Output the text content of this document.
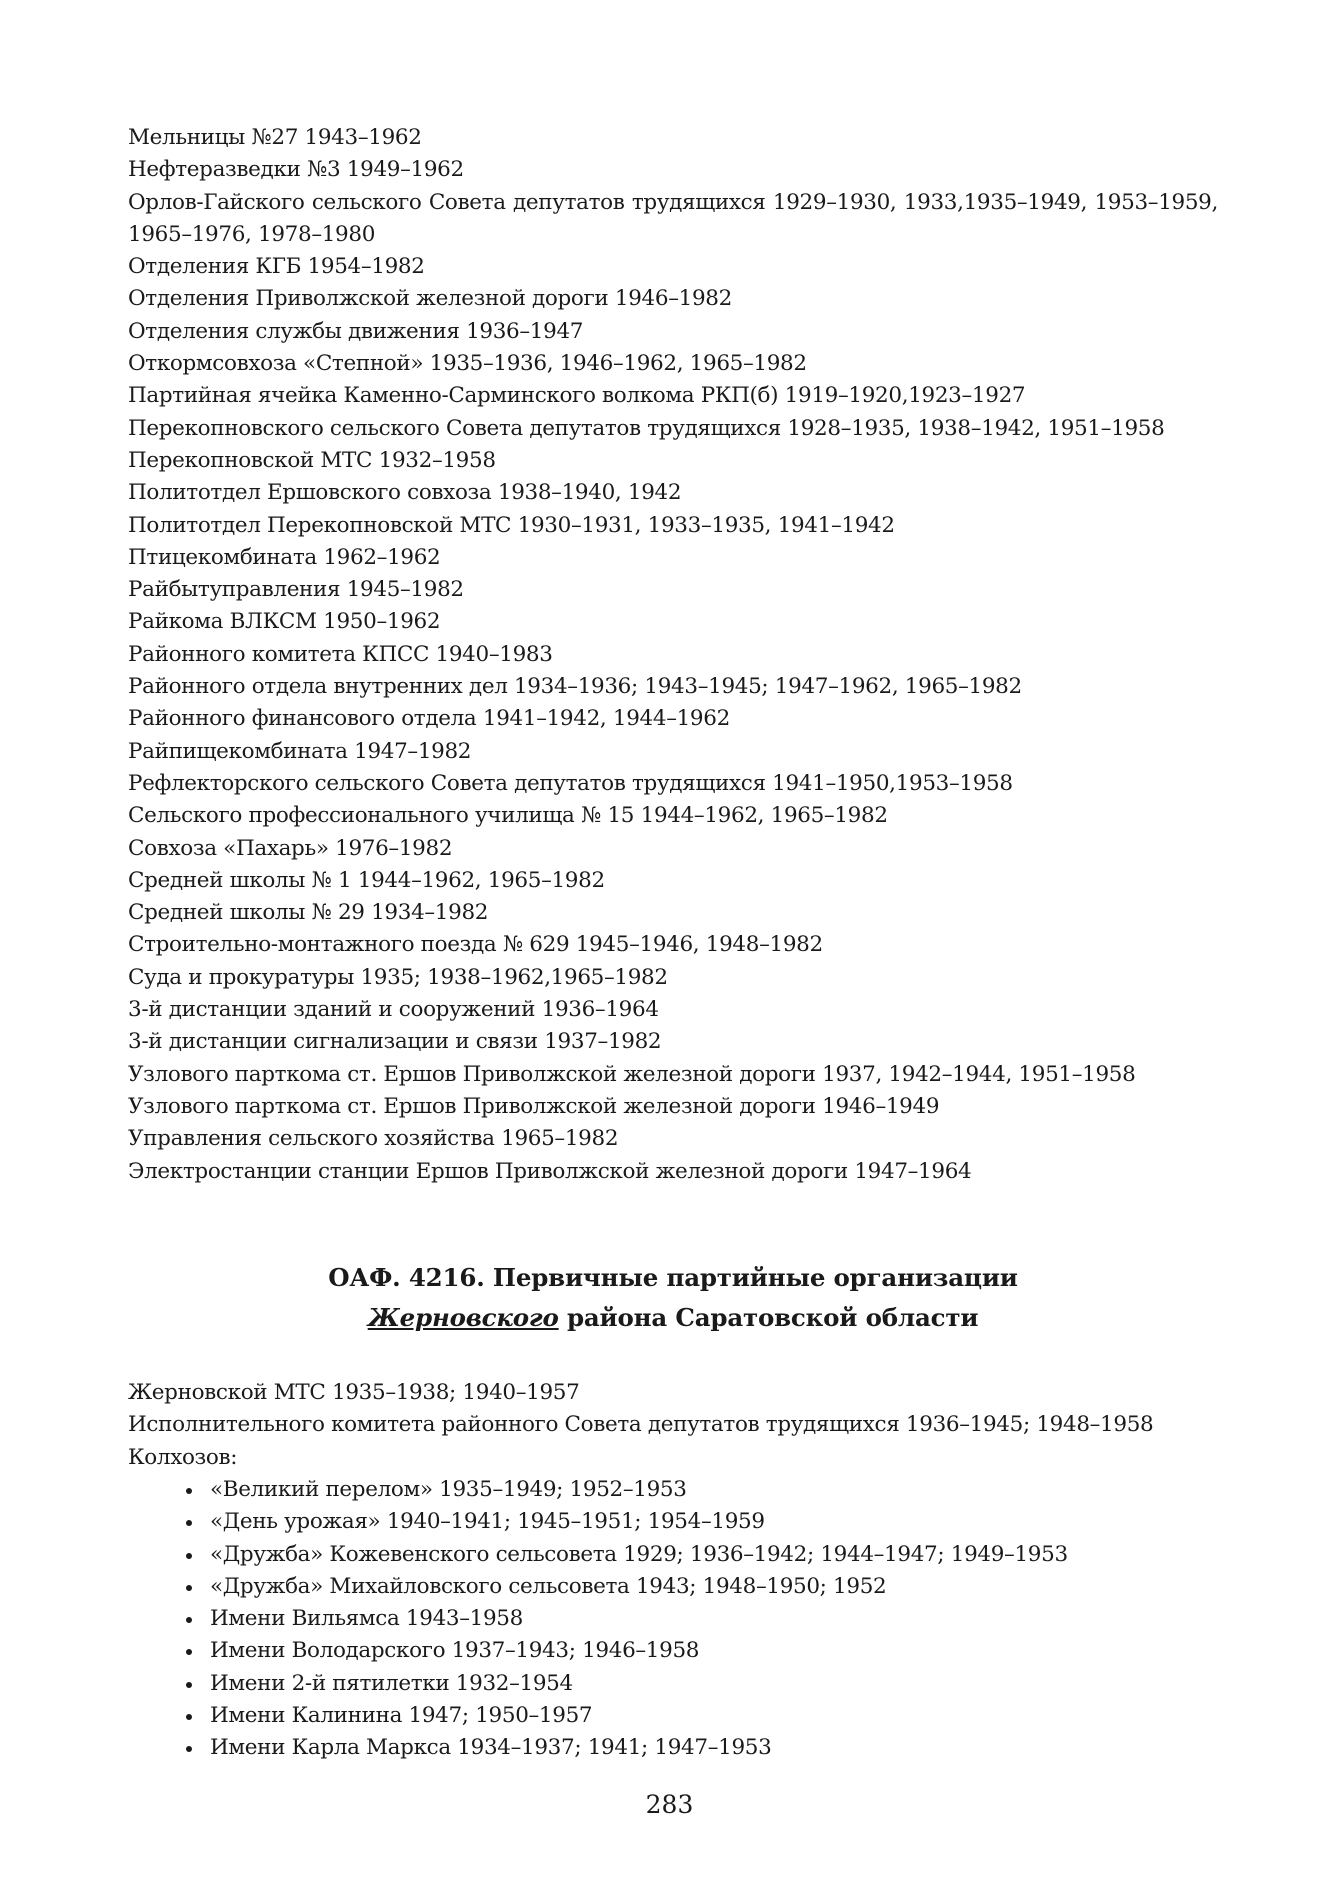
Мельницы №27 1943–1962
Нефтеразведки №3 1949–1962
Орлов-Гайского сельского Совета депутатов трудящихся 1929–1930, 1933,1935–1949, 1953–1959, 1965–1976, 1978–1980
Отделения КГБ 1954–1982
Отделения Приволжской железной дороги 1946–1982
Отделения службы движения 1936–1947
Откормсовхоза «Степной» 1935–1936, 1946–1962, 1965–1982
Партийная ячейка Каменно-Сарминского волкома РКП(б) 1919–1920,1923–1927
Перекопновского сельского Совета депутатов трудящихся 1928–1935, 1938–1942, 1951–1958
Перекопновской МТС 1932–1958
Политотдел Ершовского совхоза 1938–1940, 1942
Политотдел Перекопновской МТС 1930–1931, 1933–1935, 1941–1942
Птицекомбината 1962–1962
Райбытуправления 1945–1982
Райкома ВЛКСМ 1950–1962
Районного комитета КПСС 1940–1983
Районного отдела внутренних дел 1934–1936; 1943–1945; 1947–1962, 1965–1982
Районного финансового отдела 1941–1942, 1944–1962
Райпищекомбината 1947–1982
Рефлекторского сельского Совета депутатов трудящихся 1941–1950,1953–1958
Сельского профессионального училища № 15 1944–1962, 1965–1982
Совхоза «Пахарь» 1976–1982
Средней школы № 1 1944–1962, 1965–1982
Средней школы № 29 1934–1982
Строительно-монтажного поезда № 629 1945–1946, 1948–1982
Суда и прокуратуры 1935; 1938–1962,1965–1982
3-й дистанции зданий и сооружений 1936–1964
3-й дистанции сигнализации и связи 1937–1982
Узлового парткома ст. Ершов Приволжской железной дороги 1937, 1942–1944, 1951–1958
Узлового парткома ст. Ершов Приволжской железной дороги 1946–1949
Управления сельского хозяйства 1965–1982
Электростанции станции Ершов Приволжской железной дороги 1947–1964
ОАФ. 4216. Первичные партийные организации
Жерновского района Саратовской области
Жерновской МТС 1935–1938; 1940–1957
Исполнительного комитета районного Совета депутатов трудящихся 1936–1945; 1948–1958
Колхозов:
«Великий перелом» 1935–1949; 1952–1953
«День урожая» 1940–1941; 1945–1951; 1954–1959
«Дружба» Кожевенского сельсовета 1929; 1936–1942; 1944–1947; 1949–1953
«Дружба» Михайловского сельсовета 1943; 1948–1950; 1952
Имени Вильямса 1943–1958
Имени Володарского 1937–1943; 1946–1958
Имени 2-й пятилетки 1932–1954
Имени Калинина 1947; 1950–1957
Имени Карла Маркса 1934–1937; 1941; 1947–1953
283
